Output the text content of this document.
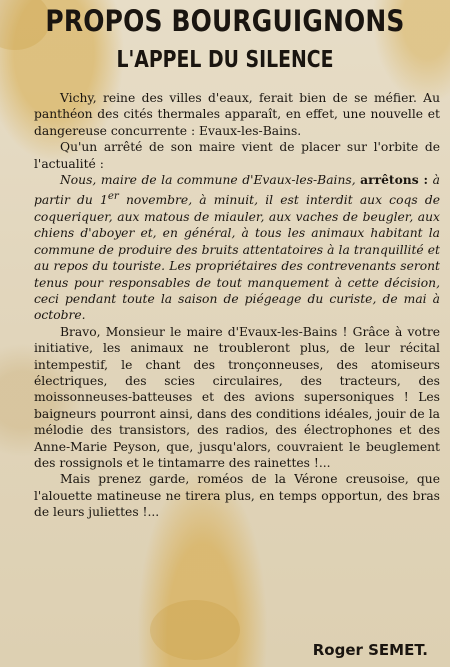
PROPOS BOURGUIGNONS
L'APPEL DU SILENCE

Vichy, reine des villes d'eaux, ferait bien de se méfier. Au panthéon des cités thermales apparaît, en effet, une nouvelle et dangereuse concurrente : Evaux-les-Bains.

Qu'un arrêté de son maire vient de placer sur l'orbite de l'actualité :

Nous, maire de la commune d'Evaux-les-Bains, arrêtons : à partir du 1er novembre, à minuit, il est interdit aux coqs de coqueriquer, aux matous de miauler, aux vaches de beugler, aux chiens d'aboyer et, en général, à tous les animaux habitant la commune de produire des bruits attentatoires à la tranquillité et au repos du touriste. Les propriétaires des contrevenants seront tenus pour responsables de tout manquement à cette décision, ceci pendant toute la saison de piégeage du curiste, de mai à octobre.

Bravo, Monsieur le maire d'Evaux-les-Bains ! Grâce à votre initiative, les animaux ne troubleront plus, de leur récital intempestif, le chant des tronçonneuses, des atomiseurs électriques, des scies circulaires, des tracteurs, des moissonneuses-batteuses et des avions supersoniques ! Les baigneurs pourront ainsi, dans des conditions idéales, jouir de la mélodie des transistors, des radios, des électrophones et des Anne-Marie Peyson, que, jusqu'alors, couvraient le beuglement des rossignols et le tintamarre des rainettes !...

Mais prenez garde, roméos de la Vérone creusoise, que l'alouette matineuse ne tirera plus, en temps opportun, des bras de leurs juliettes !...

Roger SEMET.
